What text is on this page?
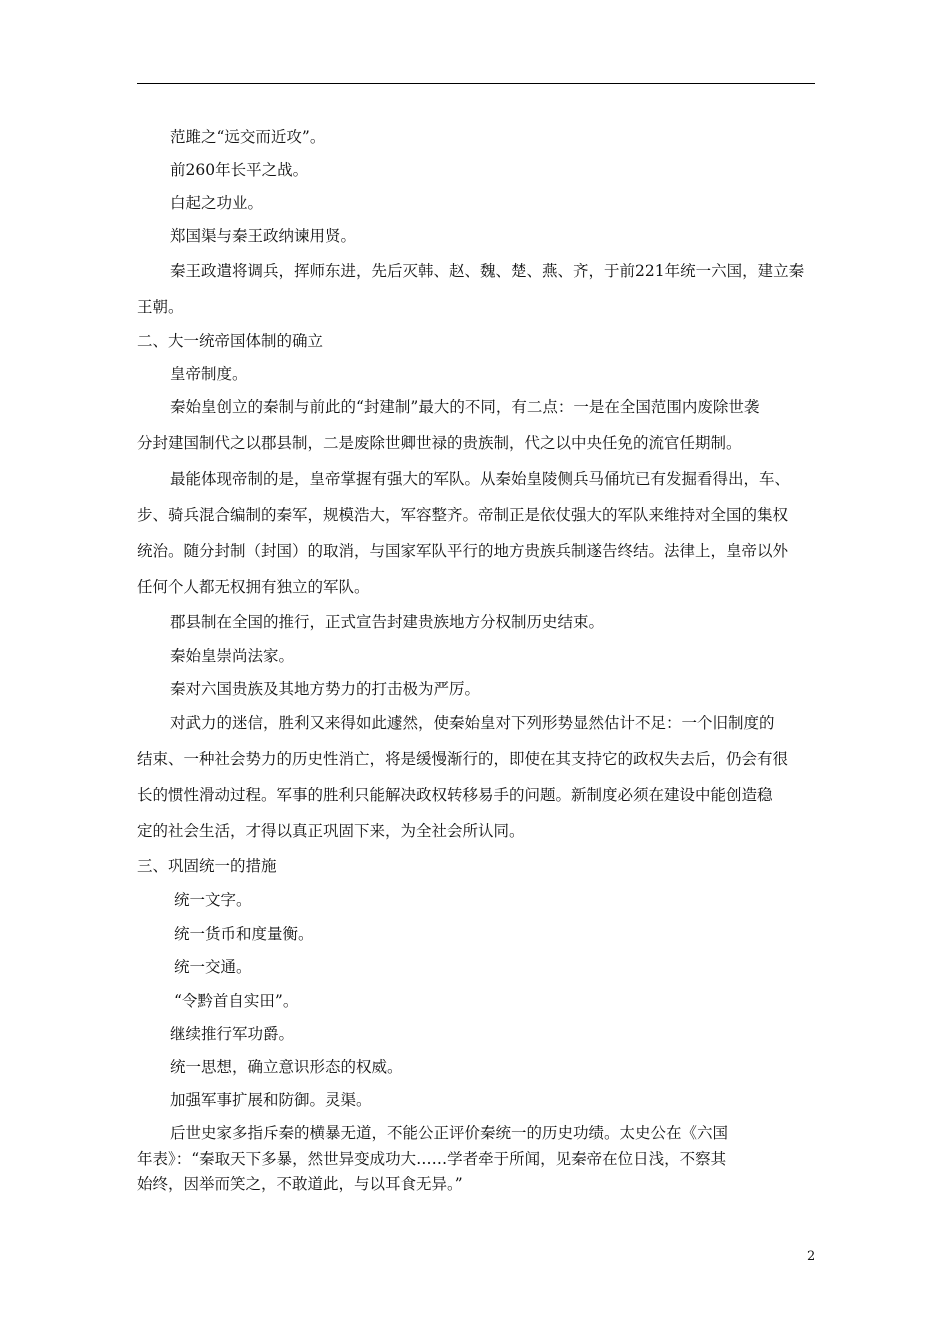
范雎之“远交而近攻”。
前260年长平之战。
白起之功业。
郑国渠与秦王政纳谏用贤。
秦王政遣将调兵，挥师东进，先后灭韩、赵、魏、楚、燕、齐，于前221年统一六国，建立秦
王朝。
二、大一统帝国体制的确立
皇帝制度。
秦始皇创立的秦制与前此的“封建制”最大的不同，有二点：一是在全国范围内废除世袭
分封建国制代之以郡县制，二是废除世卿世禄的贵族制，代之以中央任免的流官任期制。
最能体现帝制的是，皇帝掌握有强大的军队。从秦始皇陵侧兵马俑坑已有发掘看得出，车、
步、骑兵混合编制的秦军，规模浩大，军容整齐。帝制正是依仗强大的军队来维持对全国的集权
统治。随分封制（封国）的取消，与国家军队平行的地方贵族兵制遂告终结。法律上，皇帝以外
任何个人都无权拥有独立的军队。
郡县制在全国的推行，正式宣告封建贵族地方分权制历史结束。
秦始皇崇尚法家。
秦对六国贵族及其地方势力的打击极为严厉。
对武力的迷信，胜利又来得如此遽然，使秦始皇对下列形势显然估计不足：一个旧制度的
结束、一种社会势力的历史性消亡，将是缓慢渐行的，即使在其支持它的政权失去后，仍会有很
长的惯性滑动过程。军事的胜利只能解决政权转移易手的问题。新制度必须在建设中能创造稳
定的社会生活，才得以真正巩固下来，为全社会所认同。
三、巩固统一的措施
统一文字。
统一货币和度量衡。
统一交通。
“令黔首自实田”。
继续推行军功爵。
统一思想，确立意识形态的权威。
加强军事扩展和防御。灵渠。
后世史家多指斥秦的横暴无道，不能公正评价秦统一的历史功绩。太史公在《六国
年表》：“秦取天下多暴，然世异变成功大……学者牵于所闻，见秦帝在位日浅，不察其
始终，因举而笑之，不敢道此，与以耳食无异。”
2
